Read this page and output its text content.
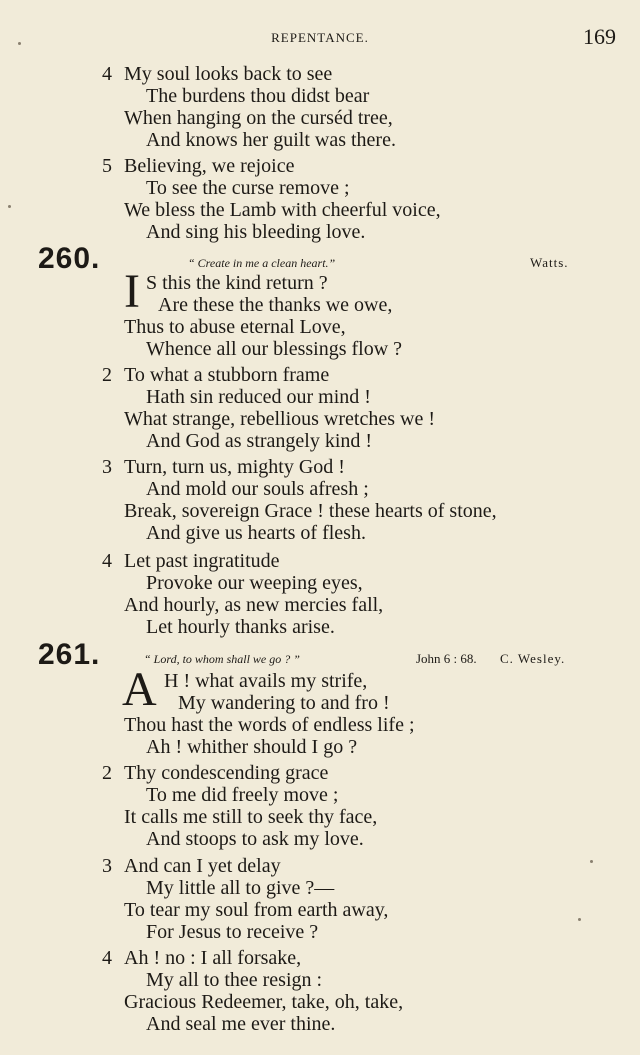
REPENTANCE.	169
4 My soul looks back to see
The burdens thou didst bear
When hanging on the curséd tree,
And knows her guilt was there.
5 Believing, we rejoice
To see the curse remove ;
We bless the Lamb with cheerful voice,
And sing his bleeding love.
260.	“ Create in me a clean heart.”	Watts.
I S this the kind return ?
Are these the thanks we owe,
Thus to abuse eternal Love,
Whence all our blessings flow ?
2 To what a stubborn frame
Hath sin reduced our mind !
What strange, rebellious wretches we !
And God as strangely kind !
3 Turn, turn us, mighty God !
And mold our souls afresh ;
Break, sovereign Grace ! these hearts of stone,
And give us hearts of flesh.
4 Let past ingratitude
Provoke our weeping eyes,
And hourly, as new mercies fall,
Let hourly thanks arise.
261.	“ Lord, to whom shall we go ? ”	John 6 : 68. C. Wesley.
A H ! what avails my strife,
My wandering to and fro !
Thou hast the words of endless life ;
Ah ! whither should I go ?
2 Thy condescending grace
To me did freely move ;
It calls me still to seek thy face,
And stoops to ask my love.
3 And can I yet delay
My little all to give ?—
To tear my soul from earth away,
For Jesus to receive ?
4 Ah ! no : I all forsake,
My all to thee resign :
Gracious Redeemer, take, oh, take,
And seal me ever thine.
